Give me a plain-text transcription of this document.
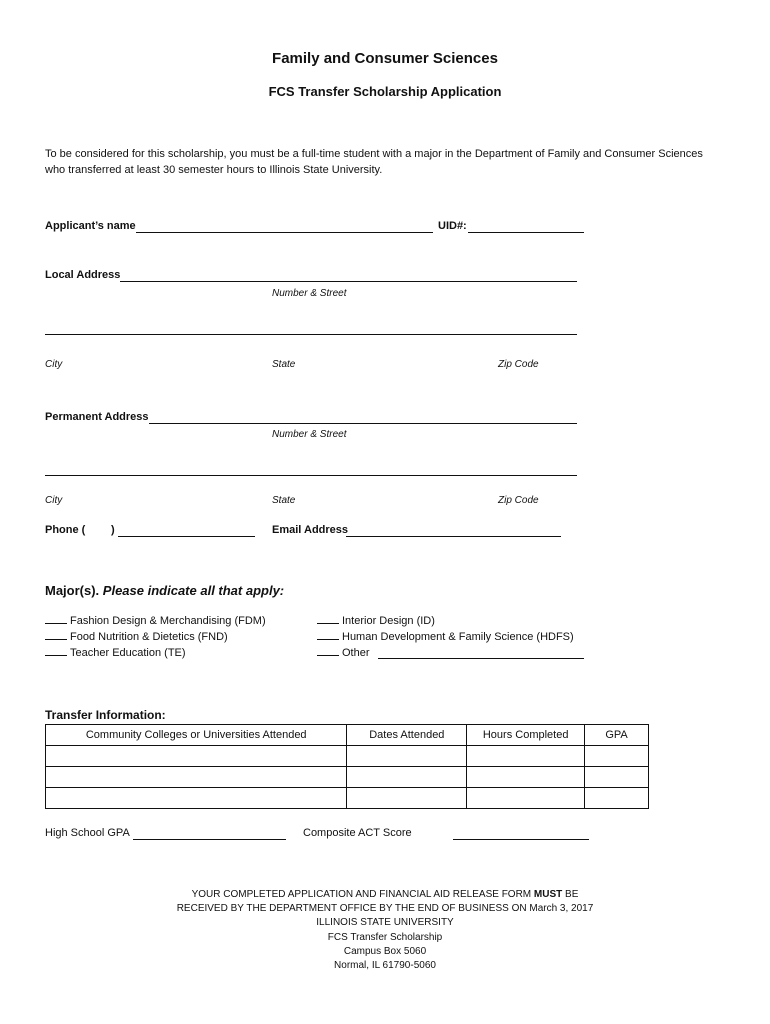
Family and Consumer Sciences
FCS Transfer Scholarship Application
To be considered for this scholarship, you must be a full-time student with a major in the Department of Family and Consumer Sciences who transferred at least 30 semester hours to Illinois State University.
Applicant’s name	UID#:
Local Address
Number & Street
City	State	Zip Code
Permanent Address
Number & Street
City	State	Zip Code
Phone ( )	Email Address
Major(s). Please indicate all that apply:
Fashion Design & Merchandising (FDM)
Food Nutrition & Dietetics (FND)
Teacher Education (TE)
Interior Design (ID)
Human Development & Family Science (HDFS)
Other
Transfer Information:
Community Colleges or Universities Attended	Dates Attended	Hours Completed	GPA

High School GPA	Composite ACT Score
YOUR COMPLETED APPLICATION AND FINANCIAL AID RELEASE FORM MUST BE
RECEIVED BY THE DEPARTMENT OFFICE BY THE END OF BUSINESS ON March 3, 2017
ILLINOIS STATE UNIVERSITY
FCS Transfer Scholarship
Campus Box 5060
Normal, IL 61790-5060
